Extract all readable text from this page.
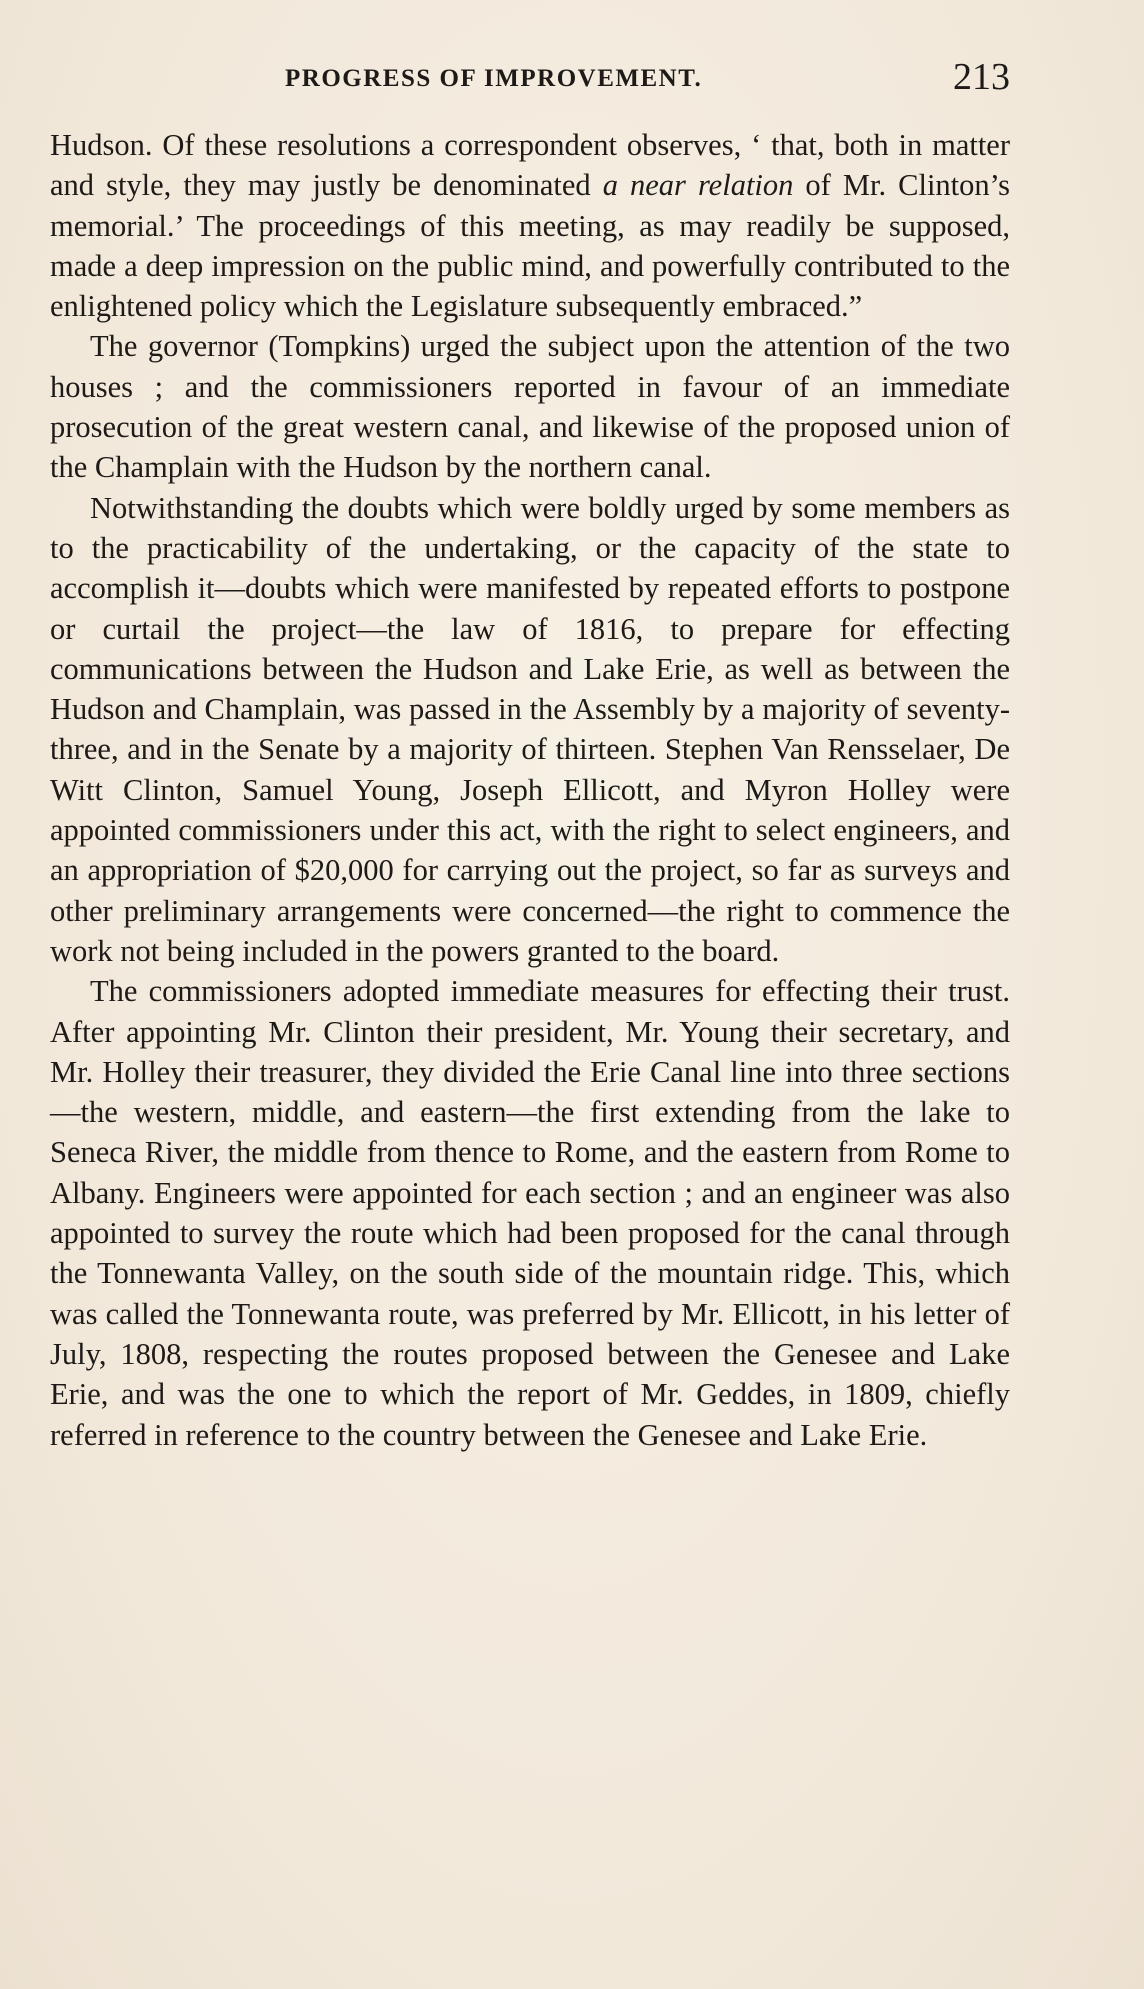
PROGRESS OF IMPROVEMENT.	213

Hudson. Of these resolutions a correspondent observes, ‘ that, both in matter and style, they may justly be denominated a near relation of Mr. Clinton’s memorial.’ The proceedings of this meeting, as may readily be supposed, made a deep impression on the public mind, and powerfully contributed to the enlightened policy which the Legislature subsequently embraced.”

The governor (Tompkins) urged the subject upon the attention of the two houses ; and the commissioners reported in favour of an immediate prosecution of the great western canal, and likewise of the proposed union of the Champlain with the Hudson by the northern canal.

Notwithstanding the doubts which were boldly urged by some members as to the practicability of the undertaking, or the capacity of the state to accomplish it—doubts which were manifested by repeated efforts to postpone or curtail the project—the law of 1816, to prepare for effecting communications between the Hudson and Lake Erie, as well as between the Hudson and Champlain, was passed in the Assembly by a majority of seventy-three, and in the Senate by a majority of thirteen. Stephen Van Rensselaer, De Witt Clinton, Samuel Young, Joseph Ellicott, and Myron Holley were appointed commissioners under this act, with the right to select engineers, and an appropriation of $20,000 for carrying out the project, so far as surveys and other preliminary arrangements were concerned—the right to commence the work not being included in the powers granted to the board.

The commissioners adopted immediate measures for effecting their trust. After appointing Mr. Clinton their president, Mr. Young their secretary, and Mr. Holley their treasurer, they divided the Erie Canal line into three sections—the western, middle, and eastern—the first extending from the lake to Seneca River, the middle from thence to Rome, and the eastern from Rome to Albany. Engineers were appointed for each section ; and an engineer was also appointed to survey the route which had been proposed for the canal through the Tonnewanta Valley, on the south side of the mountain ridge. This, which was called the Tonnewanta route, was preferred by Mr. Ellicott, in his letter of July, 1808, respecting the routes proposed between the Genesee and Lake Erie, and was the one to which the report of Mr. Geddes, in 1809, chiefly referred in reference to the country between the Genesee and Lake Erie.
